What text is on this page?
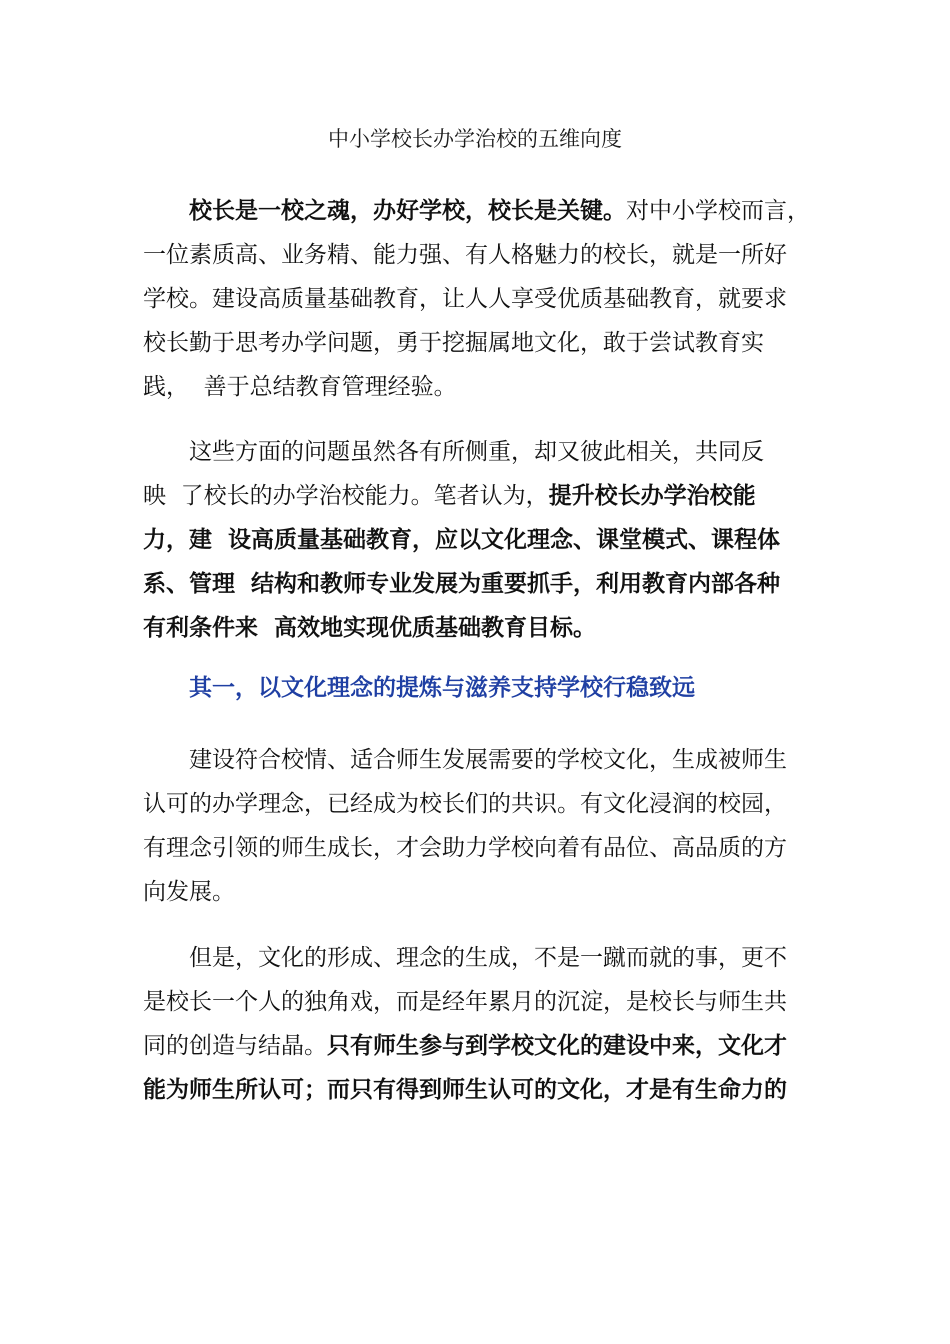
中小学校长办学治校的五维向度
校长是一校之魂，办好学校，校长是关键。对中小学校而言，
一位素质高、业务精、能力强、有人格魅力的校长，就是一所好
学校。建设高质量基础教育，让人人享受优质基础教育，就要求
校长勤于思考办学问题，勇于挖掘属地文化，敢于尝试教育实
践，  善于总结教育管理经验。
这些方面的问题虽然各有所侧重，却又彼此相关，共同反
映  了校长的办学治校能力。笔者认为，提升校长办学治校能
力，建  设高质量基础教育，应以文化理念、课堂模式、课程体
系、管理  结构和教师专业发展为重要抓手，利用教育内部各种
有利条件来  高效地实现优质基础教育目标。
其一，以文化理念的提炼与滋养支持学校行稳致远
建设符合校情、适合师生发展需要的学校文化，生成被师生
认可的办学理念，已经成为校长们的共识。有文化浸润的校园，
有理念引领的师生成长，才会助力学校向着有品位、高品质的方
向发展。
但是，文化的形成、理念的生成，不是一蹴而就的事，更不
是校长一个人的独角戏，而是经年累月的沉淀，是校长与师生共
同的创造与结晶。只有师生参与到学校文化的建设中来，文化才
能为师生所认可；而只有得到师生认可的文化，才是有生命力的
